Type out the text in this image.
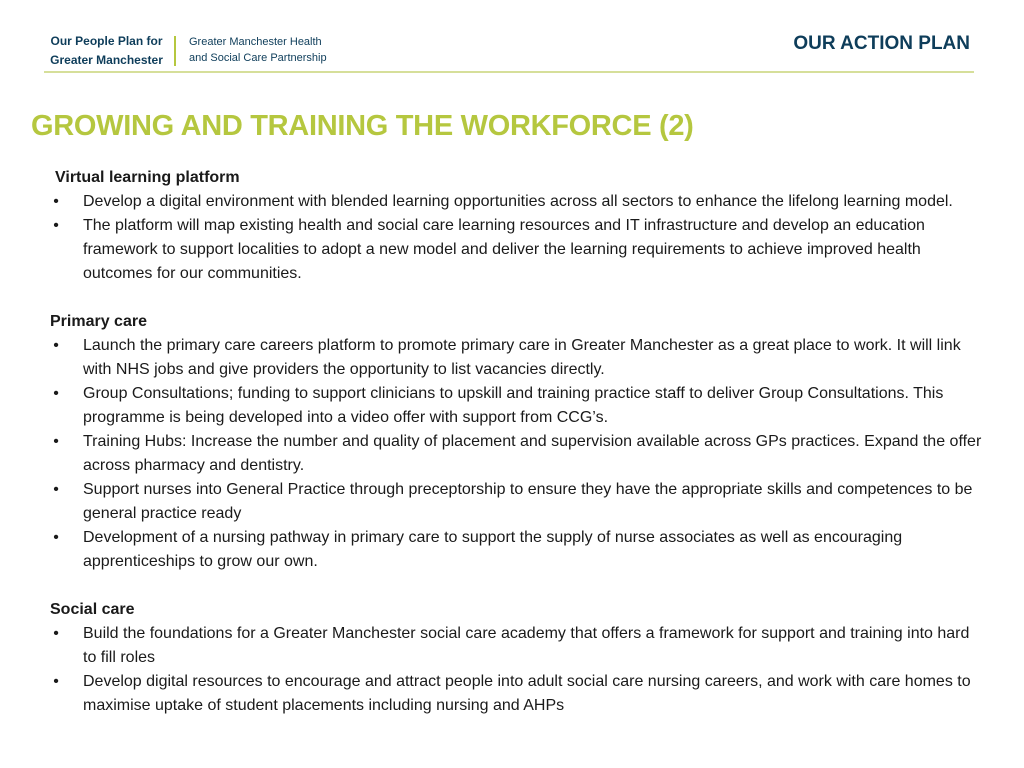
Our People Plan for
Greater Manchester
Greater Manchester Health
and Social Care Partnership
OUR ACTION PLAN
GROWING AND TRAINING THE WORKFORCE (2)
Virtual learning platform
• Develop a digital environment with blended learning opportunities across all sectors to enhance the lifelong learning model.
• The platform will map existing health and social care learning resources and IT infrastructure and develop an education framework to support localities to adopt a new model and deliver the learning requirements to achieve improved health outcomes for our communities.
Primary care
• Launch the primary care careers platform to promote primary care in Greater Manchester as a great place to work. It will link with NHS jobs and give providers the opportunity to list vacancies directly.
• Group Consultations; funding to support clinicians to upskill and training practice staff to deliver Group Consultations. This programme is being developed into a video offer with support from CCG’s.
• Training Hubs: Increase the number and quality of placement and supervision available across GPs practices. Expand the offer across pharmacy and dentistry.
• Support nurses into General Practice through preceptorship to ensure they have the appropriate skills and competences to be general practice ready
• Development of a nursing pathway in primary care to support the supply of nurse associates as well as encouraging apprenticeships to grow our own.
Social care
• Build the foundations for a Greater Manchester social care academy that offers a framework for support and training into hard to fill roles
• Develop digital resources to encourage and attract people into adult social care nursing careers, and work with care homes to maximise uptake of student placements including nursing and AHPs
